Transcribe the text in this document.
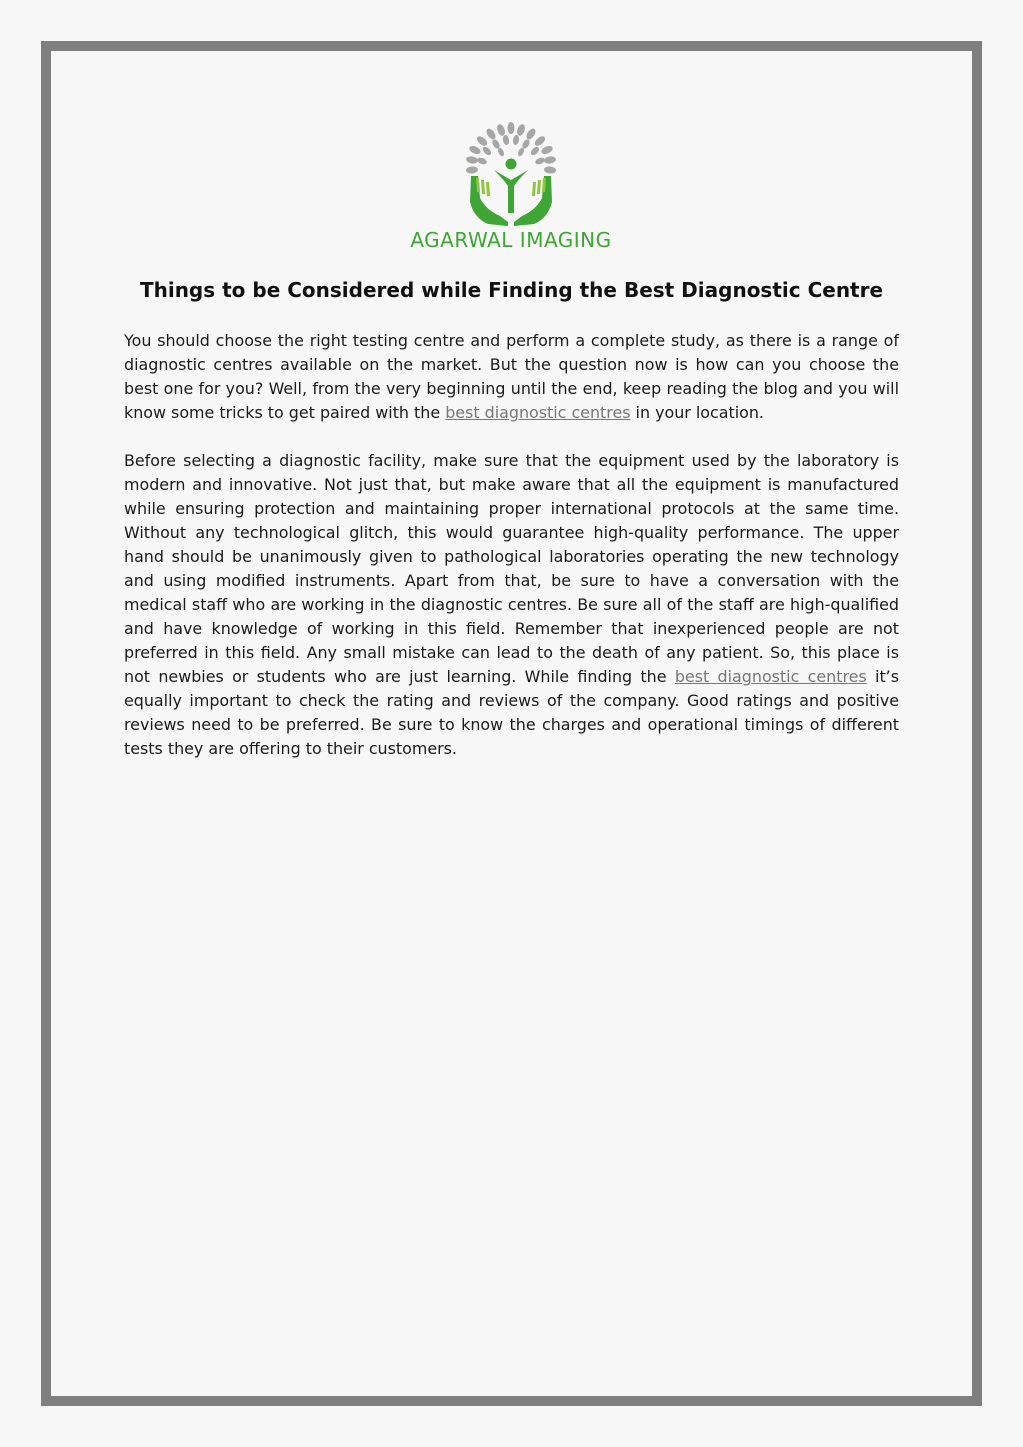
AGARWAL IMAGING
Things to be Considered while Finding the Best Diagnostic Centre

You should choose the right testing centre and perform a complete study, as there is a range of diagnostic centres available on the market. But the question now is how can you choose the best one for you? Well, from the very beginning until the end, keep reading the blog and you will know some tricks to get paired with the best diagnostic centres in your location.

Before selecting a diagnostic facility, make sure that the equipment used by the laboratory is modern and innovative. Not just that, but make aware that all the equipment is manufactured while ensuring protection and maintaining proper international protocols at the same time. Without any technological glitch, this would guarantee high-quality performance. The upper hand should be unanimously given to pathological laboratories operating the new technology and using modified instruments. Apart from that, be sure to have a conversation with the medical staff who are working in the diagnostic centres. Be sure all of the staff are high-qualified and have knowledge of working in this field. Remember that inexperienced people are not preferred in this field. Any small mistake can lead to the death of any patient. So, this place is not newbies or students who are just learning. While finding the best diagnostic centres it’s equally important to check the rating and reviews of the company. Good ratings and positive reviews need to be preferred. Be sure to know the charges and operational timings of different tests they are offering to their customers.
